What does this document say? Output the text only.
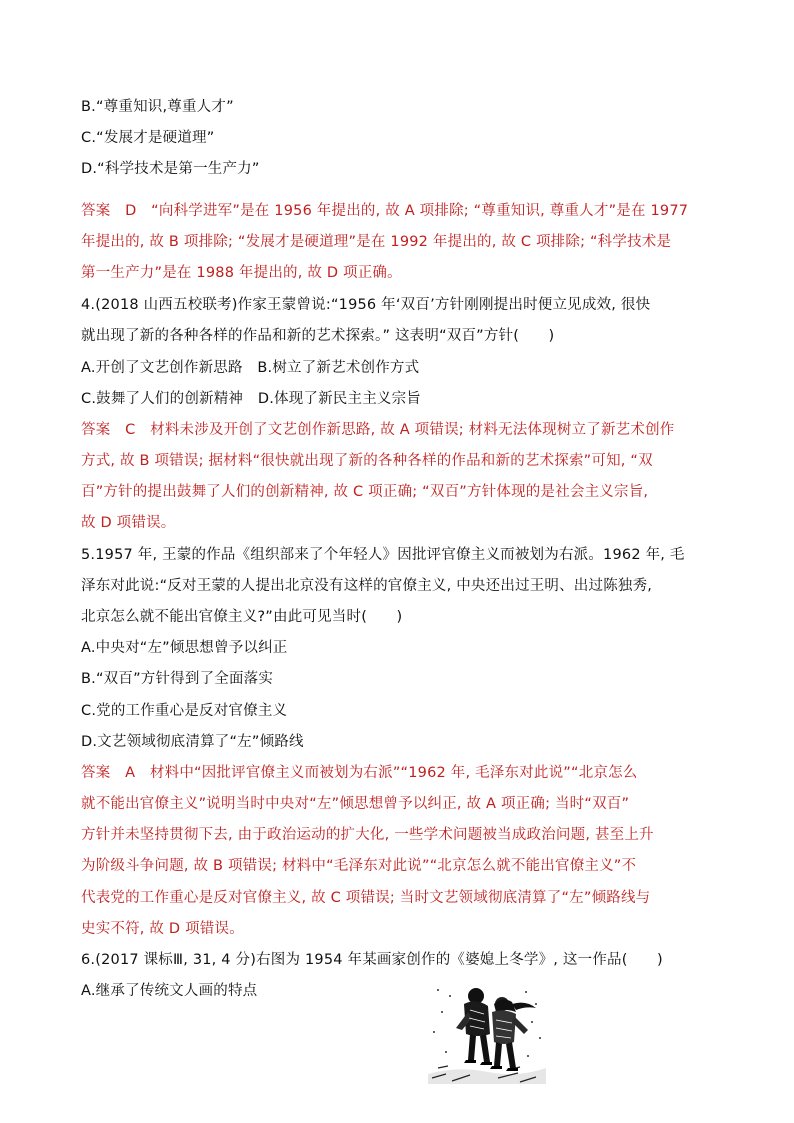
B.“尊重知识,尊重人才”
C.“发展才是硬道理”
D.“科学技术是第一生产力”
答案　D　“向科学进军”是在 1956 年提出的, 故 A 项排除; “尊重知识, 尊重人才”是在 1977
年提出的, 故 B 项排除; “发展才是硬道理”是在 1992 年提出的, 故 C 项排除; “科学技术是
第一生产力”是在 1988 年提出的, 故 D 项正确。
4.(2018 山西五校联考)作家王蒙曾说:“1956 年‘双百’方针刚刚提出时便立见成效, 很快
就出现了新的各种各样的作品和新的艺术探索。” 这表明“双百”方针(　　)
A.开创了文艺创作新思路　B.树立了新艺术创作方式
C.鼓舞了人们的创新精神　D.体现了新民主主义宗旨
答案　C　材料未涉及开创了文艺创作新思路, 故 A 项错误; 材料无法体现树立了新艺术创作
方式, 故 B 项错误; 据材料“很快就出现了新的各种各样的作品和新的艺术探索”可知, “双
百”方针的提出鼓舞了人们的创新精神, 故 C 项正确; “双百”方针体现的是社会主义宗旨,
故 D 项错误。
5.1957 年, 王蒙的作品《组织部来了个年轻人》因批评官僚主义而被划为右派。1962 年, 毛
泽东对此说:“反对王蒙的人提出北京没有这样的官僚主义, 中央还出过王明、出过陈独秀,
北京怎么就不能出官僚主义?”由此可见当时(　　)
A.中央对“左”倾思想曾予以纠正
B.“双百”方针得到了全面落实
C.党的工作重心是反对官僚主义
D.文艺领域彻底清算了“左”倾路线
答案　A　材料中“因批评官僚主义而被划为右派”“1962 年, 毛泽东对此说”“北京怎么
就不能出官僚主义”说明当时中央对“左”倾思想曾予以纠正, 故 A 项正确; 当时“双百”
方针并未坚持贯彻下去, 由于政治运动的扩大化, 一些学术问题被当成政治问题, 甚至上升
为阶级斗争问题, 故 B 项错误; 材料中“毛泽东对此说”“北京怎么就不能出官僚主义”不
代表党的工作重心是反对官僚主义, 故 C 项错误; 当时文艺领域彻底清算了“左”倾路线与
史实不符, 故 D 项错误。
6.(2017 课标Ⅲ, 31, 4 分)右图为 1954 年某画家创作的《婆媳上冬学》, 这一作品(　　)
A.继承了传统文人画的特点
